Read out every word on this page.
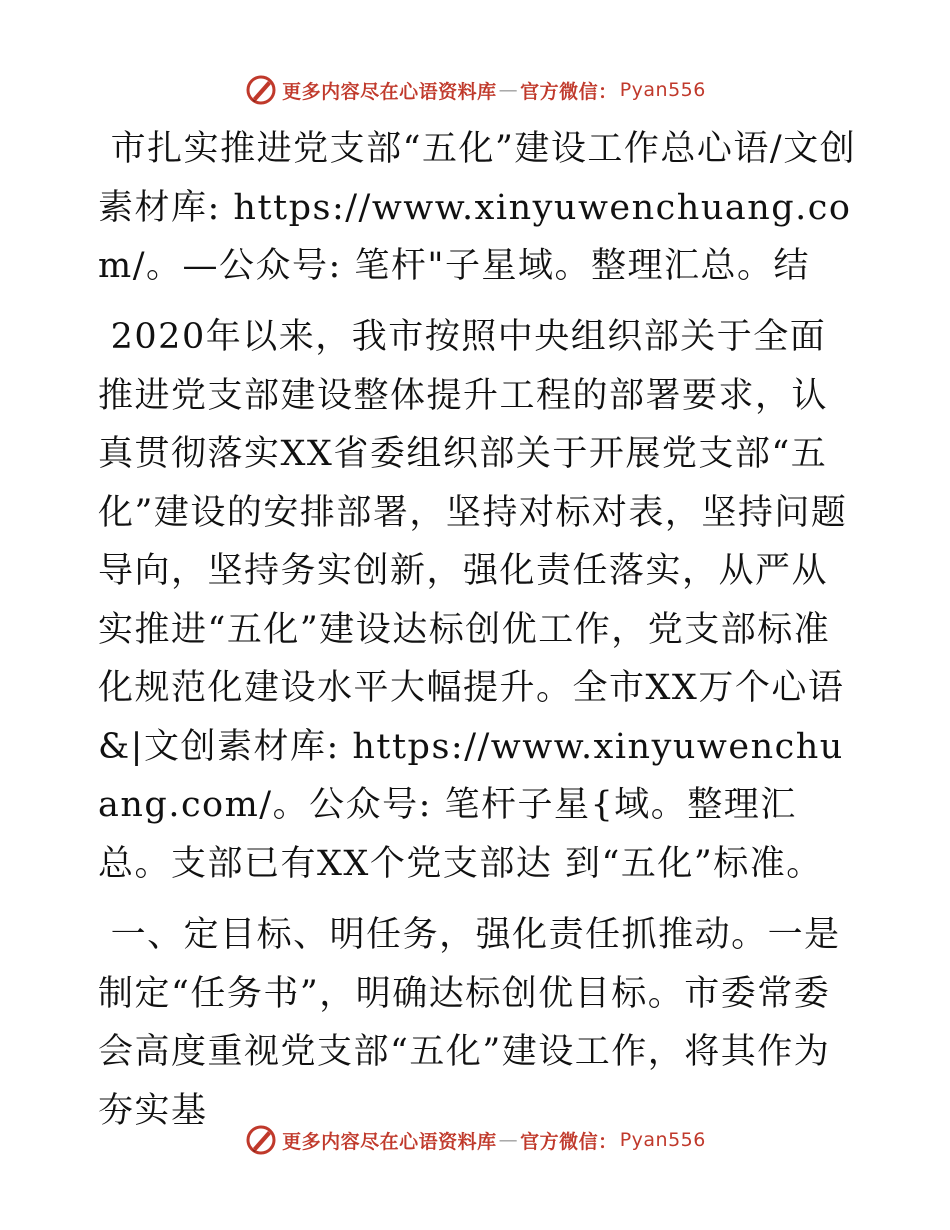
更多内容尽在心语资料库 — 官方微信： Pyan556

市扎实推进党支部“五化”建设工作总心语/文创素材库: https://www.xinyuwenchuang.com/。—公众号: 笔杆"子星域。整理汇总。结

2020年以来，我市按照中央组织部关于全面推进党支部建设整体提升工程的部署要求，认真贯彻落实XX省委组织部关于开展党支部“五化”建设的安排部署，坚持对标对表，坚持问题导向，坚持务实创新，强化责任落实，从严从实推进“五化”建设达标创优工作，党支部标准化规范化建设水平大幅提升。全市XX万个心语&|文创素材库: https://www.xinyuwenchuang.com/。公众号: 笔杆子星{域。整理汇总。支部已有XX个党支部达 到“五化”标准。

一、定目标、明任务，强化责任抓推动。一是制定“任务书”，明确达标创优目标。市委常委会高度重视党支部“五化”建设工作，将其作为夯实基

更多内容尽在心语资料库 — 官方微信： Pyan556
